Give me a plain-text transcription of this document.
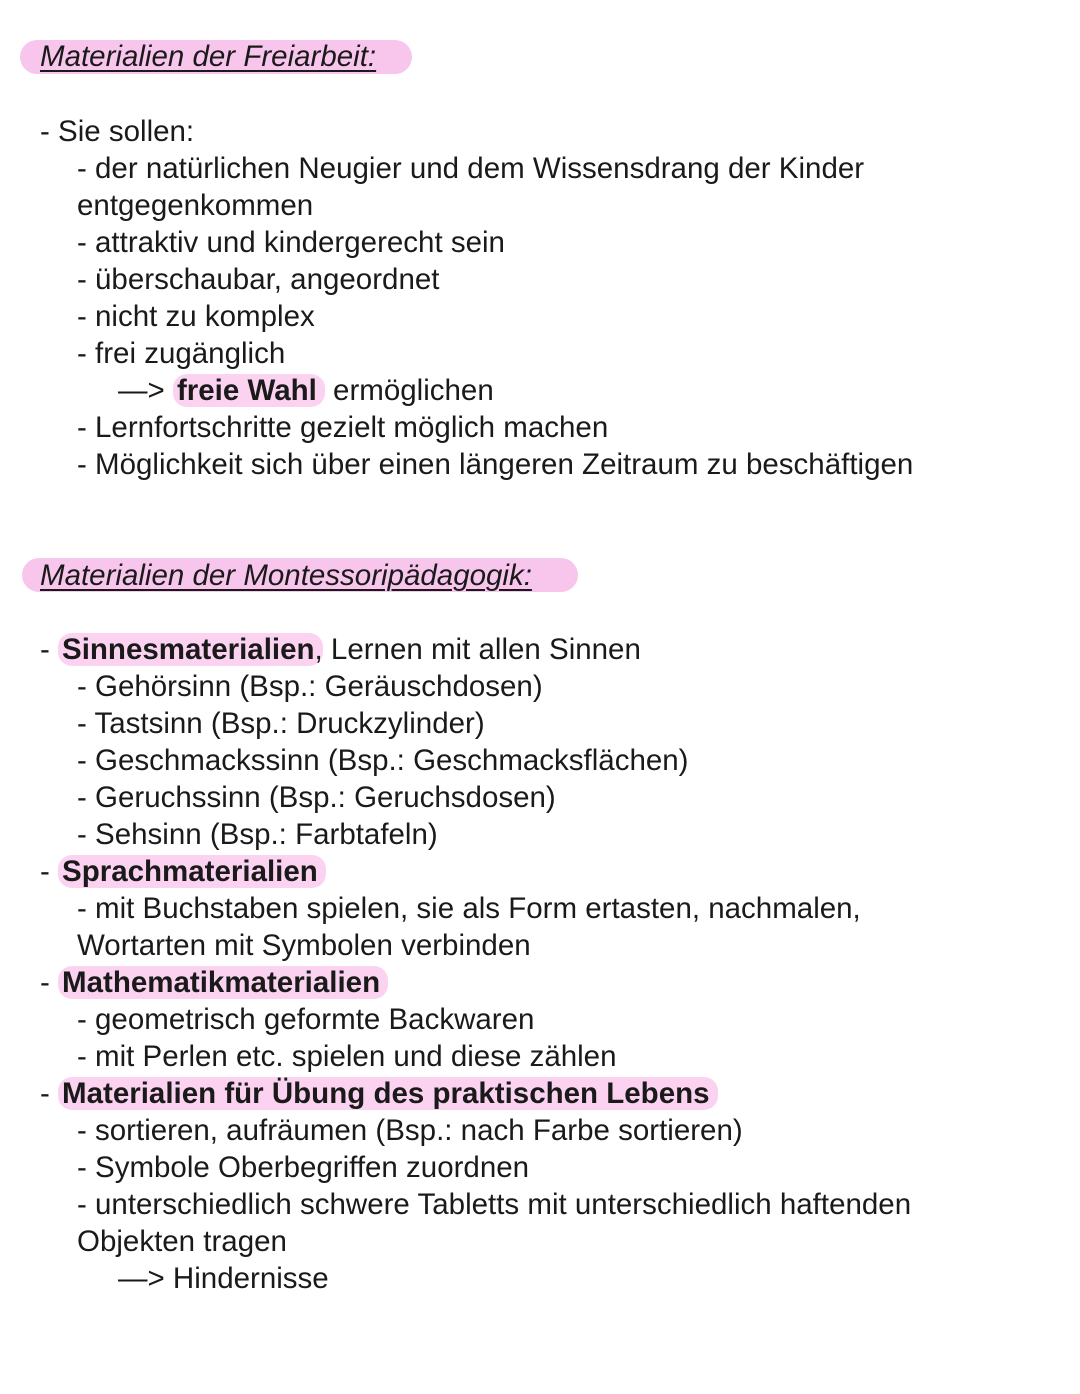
Materialien der Freiarbeit:
- Sie sollen:
- der natürlichen Neugier und dem Wissensdrang der Kinder
entgegenkommen
- attraktiv und kindergerecht sein
- überschaubar, angeordnet
- nicht zu komplex
- frei zugänglich
—> freie Wahl ermöglichen
- Lernfortschritte gezielt möglich machen
- Möglichkeit sich über einen längeren Zeitraum zu beschäftigen
Materialien der Montessoripädagogik:
- Sinnesmaterialien, Lernen mit allen Sinnen
- Gehörsinn (Bsp.: Geräuschdosen)
- Tastsinn (Bsp.: Druckzylinder)
- Geschmackssinn (Bsp.: Geschmacksflächen)
- Geruchssinn (Bsp.: Geruchsdosen)
- Sehsinn (Bsp.: Farbtafeln)
- Sprachmaterialien
- mit Buchstaben spielen, sie als Form ertasten, nachmalen,
Wortarten mit Symbolen verbinden
- Mathematikmaterialien
- geometrisch geformte Backwaren
- mit Perlen etc. spielen und diese zählen
- Materialien für Übung des praktischen Lebens
- sortieren, aufräumen (Bsp.: nach Farbe sortieren)
- Symbole Oberbegriffen zuordnen
- unterschiedlich schwere Tabletts mit unterschiedlich haftenden
Objekten tragen
—> Hindernisse
